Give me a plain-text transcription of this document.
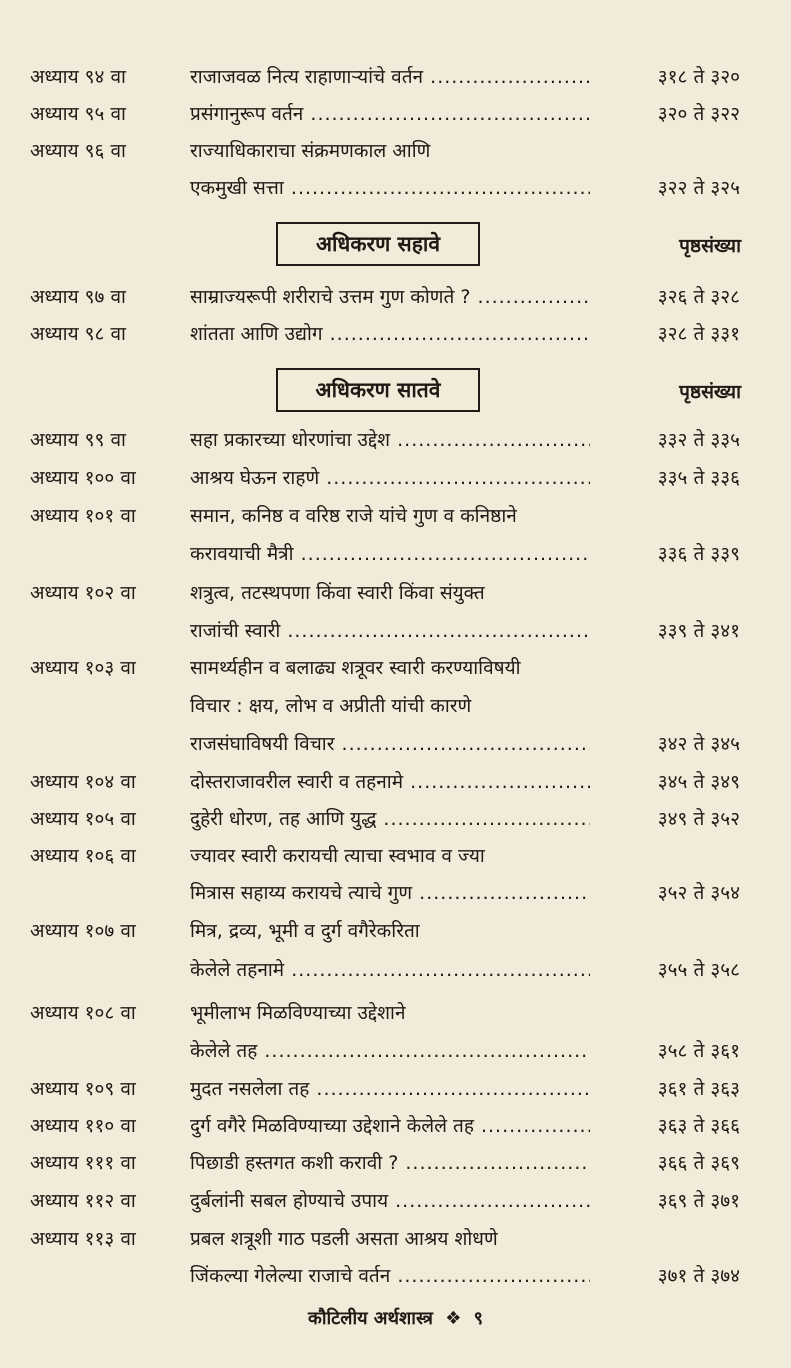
अध्याय ९४ वा	राजाजवळ नित्य राहाणाऱ्यांचे वर्तन .....	३१८ ते ३२०
अध्याय ९५ वा	प्रसंगानुरूप वर्तन .....	३२० ते ३२२
अध्याय ९६ वा	राज्याधिकाराचा संक्रमणकाल आणि
एकमुखी सत्ता .....	३२२ ते ३२५
अधिकरण सहावे	पृष्ठसंख्या
अध्याय ९७ वा	साम्राज्यरूपी शरीराचे उत्तम गुण कोणते ? .....	३२६ ते ३२८
अध्याय ९८ वा	शांतता आणि उद्योग .....	३२८ ते ३३१
अधिकरण सातवे	पृष्ठसंख्या
अध्याय ९९ वा	सहा प्रकारच्या धोरणांचा उद्देश .....	३३२ ते ३३५
अध्याय १०० वा	आश्रय घेऊन राहणे .....	३३५ ते ३३६
अध्याय १०१ वा	समान, कनिष्ठ व वरिष्ठ राजे यांचे गुण व कनिष्ठाने
करावयाची मैत्री .....	३३६ ते ३३९
अध्याय १०२ वा	शत्रुत्व, तटस्थपणा किंवा स्वारी किंवा संयुक्त
राजांची स्वारी .....	३३९ ते ३४१
अध्याय १०३ वा	सामर्थ्यहीन व बलाढ्य शत्रूवर स्वारी करण्याविषयी
विचार : क्षय, लोभ व अप्रीती यांची कारणे
राजसंघाविषयी विचार .....	३४२ ते ३४५
अध्याय १०४ वा	दोस्तराजावरील स्वारी व तहनामे .....	३४५ ते ३४९
अध्याय १०५ वा	दुहेरी धोरण, तह आणि युद्ध .....	३४९ ते ३५२
अध्याय १०६ वा	ज्यावर स्वारी करायची त्याचा स्वभाव व ज्या
मित्रास सहाय्य करायचे त्याचे गुण .....	३५२ ते ३५४
अध्याय १०७ वा	मित्र, द्रव्य, भूमी व दुर्ग वगैरेकरिता
केलेले तहनामे .....	३५५ ते ३५८
अध्याय १०८ वा	भूमीलाभ मिळविण्याच्या उद्देशाने
केलेले तह .....	३५८ ते ३६१
अध्याय १०९ वा	मुदत नसलेला तह .....	३६१ ते ३६३
अध्याय ११० वा	दुर्ग वगैरे मिळविण्याच्या उद्देशाने केलेले तह .....	३६३ ते ३६६
अध्याय १११ वा	पिछाडी हस्तगत कशी करावी ? .....	३६६ ते ३६९
अध्याय ११२ वा	दुर्बलांनी सबल होण्याचे उपाय .....	३६९ ते ३७१
अध्याय ११३ वा	प्रबल शत्रूशी गाठ पडली असता आश्रय शोधणे
जिंकल्या गेलेल्या राजाचे वर्तन .....	३७१ ते ३७४
कौटिलीय अर्थशास्त्र ❖ ९
